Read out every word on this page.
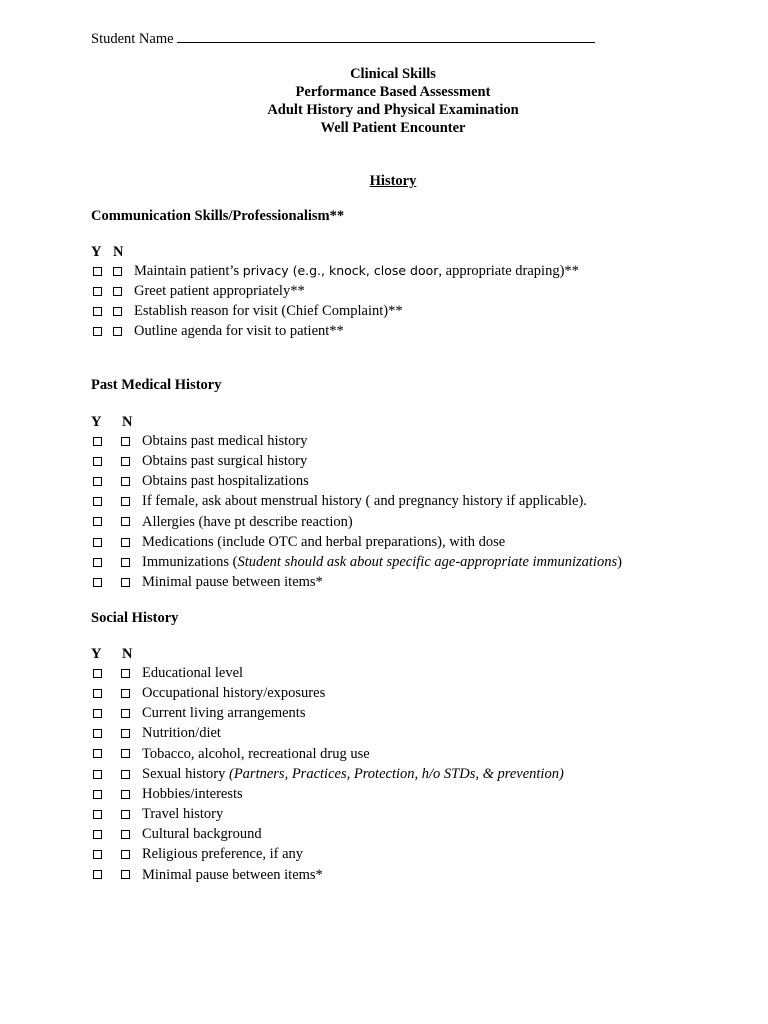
Student Name
Clinical Skills
Performance Based Assessment
Adult History and Physical Examination
Well Patient Encounter
History
Communication Skills/Professionalism**
Y N
Maintain patient’s privacy (e.g., knock, close door, appropriate draping)**
Greet patient appropriately**
Establish reason for visit (Chief Complaint)**
Outline agenda for visit to patient**
Past Medical History
Y N
Obtains past medical history
Obtains past surgical history
Obtains past hospitalizations
If female, ask about menstrual history ( and pregnancy history if applicable).
Allergies (have pt describe reaction)
Medications (include OTC and herbal preparations), with dose
Immunizations (Student should ask about specific age-appropriate immunizations)
Minimal pause between items*
Social History
Y N
Educational level
Occupational history/exposures
Current living arrangements
Nutrition/diet
Tobacco, alcohol, recreational drug use
Sexual history (Partners, Practices, Protection, h/o STDs, & prevention)
Hobbies/interests
Travel history
Cultural background
Religious preference, if any
Minimal pause between items*
